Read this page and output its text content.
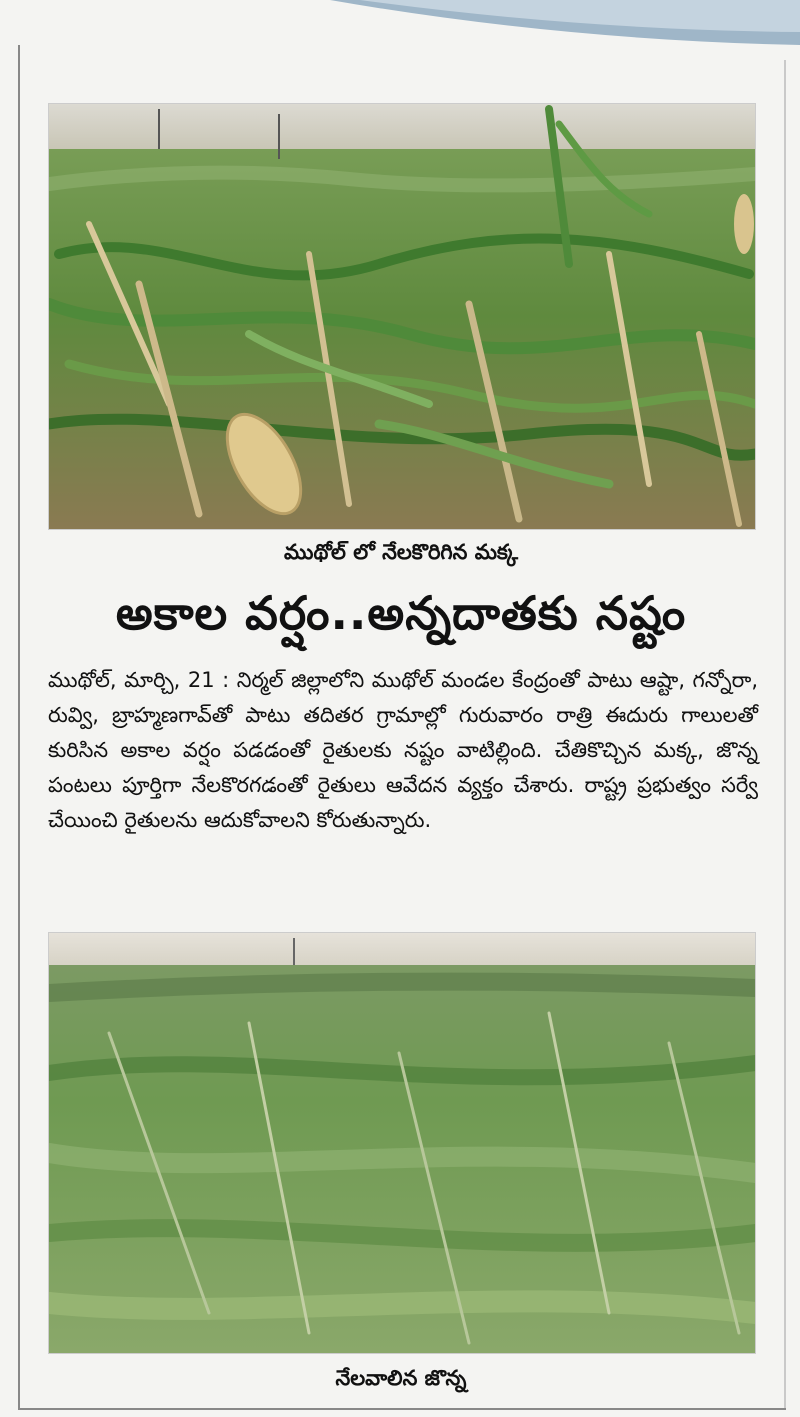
ముథోల్ లో నేలకొరిగిన మక్క
అకాల వర్షం..అన్నదాతకు నష్టం
ముథోల్, మార్చి, 21 : నిర్మల్ జిల్లాలోని ముథోల్ మండల కేంద్రంతో పాటు ఆష్టా, గన్నోరా, రువ్వి, బ్రాహ్మణగావ్‌తో పాటు తదితర గ్రామాల్లో గురువారం రాత్రి ఈదురు గాలులతో కురిసిన అకాల వర్షం పడడంతో రైతులకు నష్టం వాటిల్లింది. చేతికొచ్చిన మక్క, జొన్న పంటలు పూర్తిగా నేలకొరగడంతో రైతులు ఆవేదన వ్యక్తం చేశారు. రాష్ట్ర ప్రభుత్వం సర్వే చేయించి రైతులను ఆదుకోవాలని కోరుతున్నారు.
నేలవాలిన జొన్న
